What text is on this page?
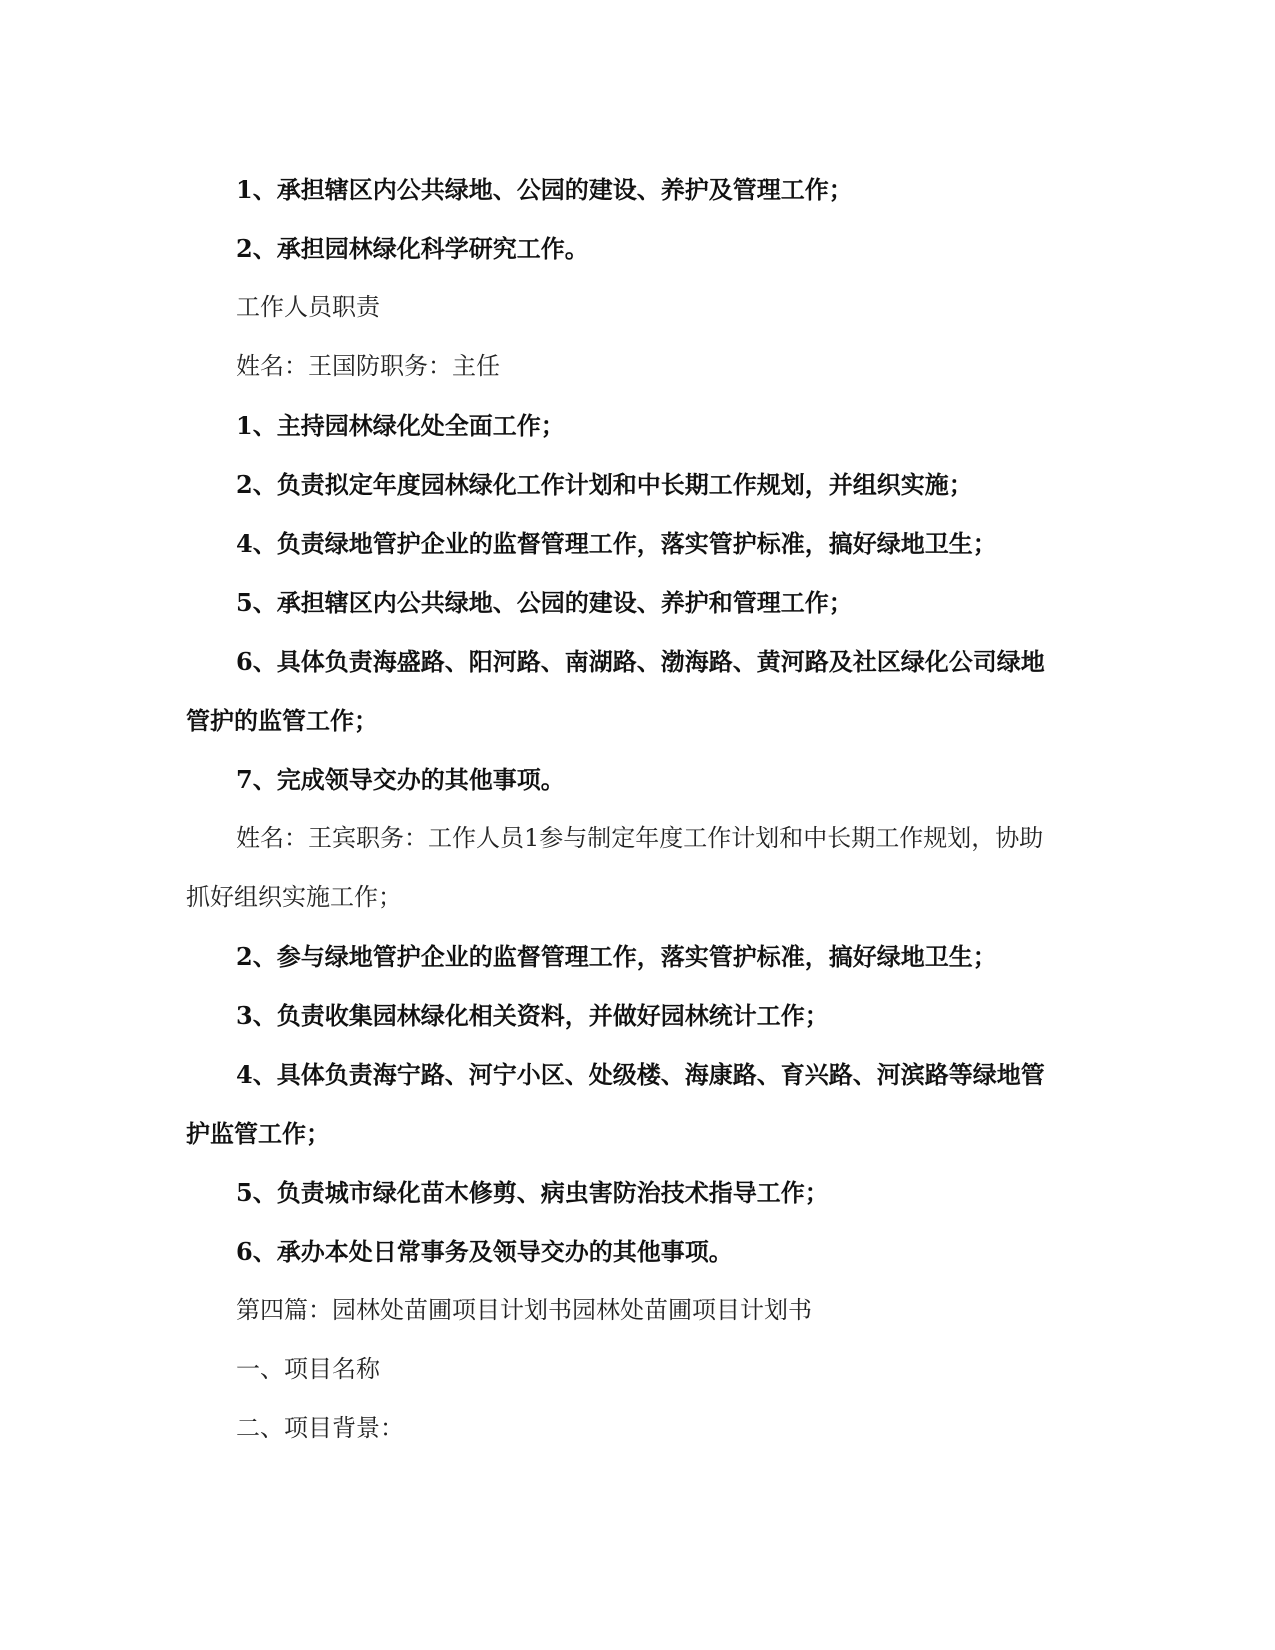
1、承担辖区内公共绿地、公园的建设、养护及管理工作；
2、承担园林绿化科学研究工作。
工作人员职责
姓名：王国防职务：主任
1、主持园林绿化处全面工作；
2、负责拟定年度园林绿化工作计划和中长期工作规划，并组织实施；
4、负责绿地管护企业的监督管理工作，落实管护标准，搞好绿地卫生；
5、承担辖区内公共绿地、公园的建设、养护和管理工作；
6、具体负责海盛路、阳河路、南湖路、渤海路、黄河路及社区绿化公司绿地
管护的监管工作；
7、完成领导交办的其他事项。
姓名：王宾职务：工作人员1参与制定年度工作计划和中长期工作规划，协助
抓好组织实施工作；
2、参与绿地管护企业的监督管理工作，落实管护标准，搞好绿地卫生；
3、负责收集园林绿化相关资料，并做好园林统计工作；
4、具体负责海宁路、河宁小区、处级楼、海康路、育兴路、河滨路等绿地管
护监管工作；
5、负责城市绿化苗木修剪、病虫害防治技术指导工作；
6、承办本处日常事务及领导交办的其他事项。
第四篇：园林处苗圃项目计划书园林处苗圃项目计划书
一、项目名称
二、项目背景：
